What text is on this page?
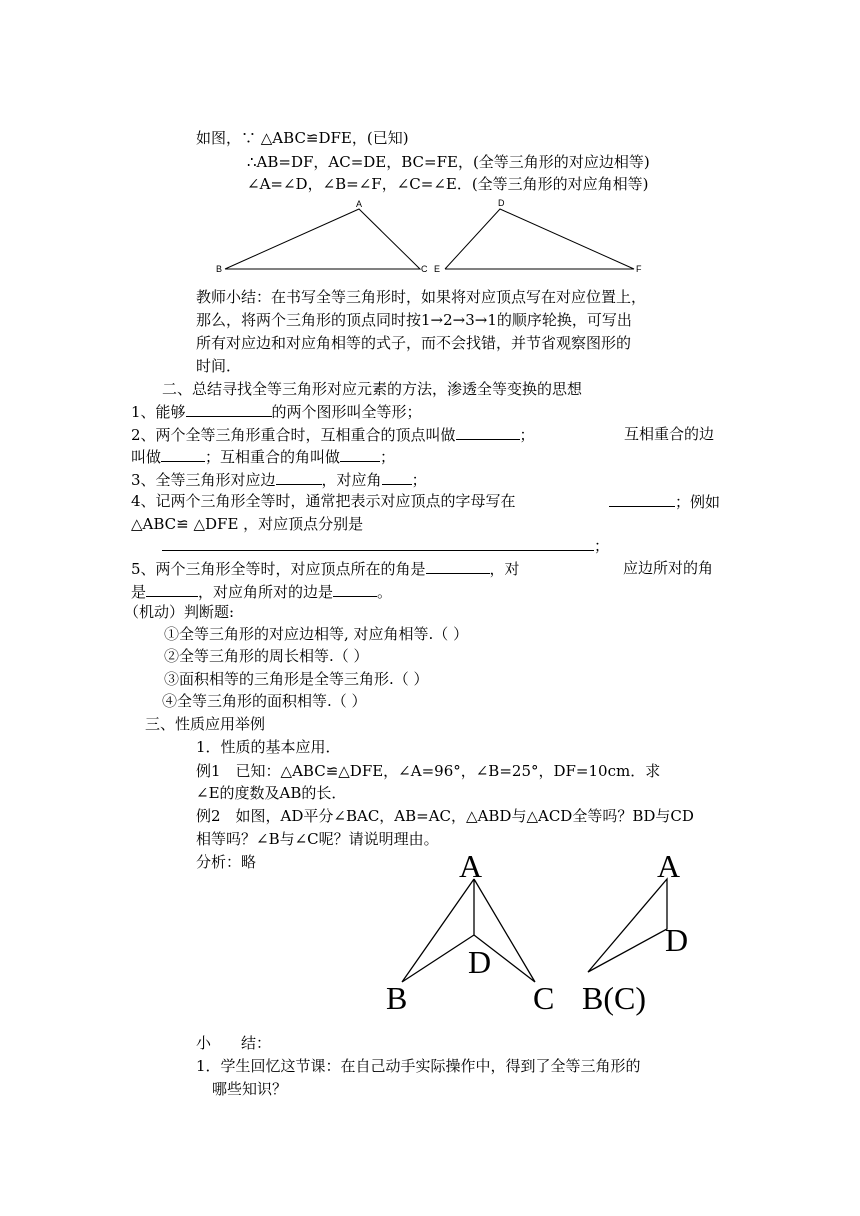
如图，∵ △ABC≌DFE，(已知)
∴AB=DF，AC=DE，BC=FE，(全等三角形的对应边相等)
∠A=∠D，∠B=∠F，∠C=∠E．(全等三角形的对应角相等)
A
B	C
D
E	F
A
B	C
D
A
D
B(C)
教师小结：在书写全等三角形时，如果将对应顶点写在对应位置上，
那么，将两个三角形的顶点同时按1→2→3→1的顺序轮换，可写出
所有对应边和对应角相等的式子，而不会找错，并节省观察图形的
时间．
二、总结寻找全等三角形对应元素的方法，渗透全等变换的思想
1、能够	的两个图形叫全等形；
2、两个全等三角形重合时，互相重合的顶点叫做	；	互相重合的边
叫做	；互相重合的角叫做	；
3、全等三角形对应边	，对应角 ；
4、记两个三角形全等时，通常把表示对应顶点的字母写在	；例如
△ABC≌ △DFE ，对应顶点分别是
；
5、两个三角形全等时，对应顶点所在的角是	，对	应边所对的角
是	，对应角所对的边是	。
（机动）判断题:
①全等三角形的对应边相等, 对应角相等.（ ）
②全等三角形的周长相等.（ ）
③面积相等的三角形是全等三角形.（ ）
④全等三角形的面积相等.（ ）
三、性质应用举例
1．性质的基本应用．
例1　已知：△ABC≌△DFE，∠A=96°，∠B=25°，DF=10cm．求
∠E的度数及AB的长．
例2　如图，AD平分∠BAC，AB=AC，△ABD与△ACD全等吗？BD与CD
相等吗？∠B与∠C呢？请说明理由。
分析：略
小　　结：
1．学生回忆这节课：在自己动手实际操作中，得到了全等三角形的
哪些知识？
